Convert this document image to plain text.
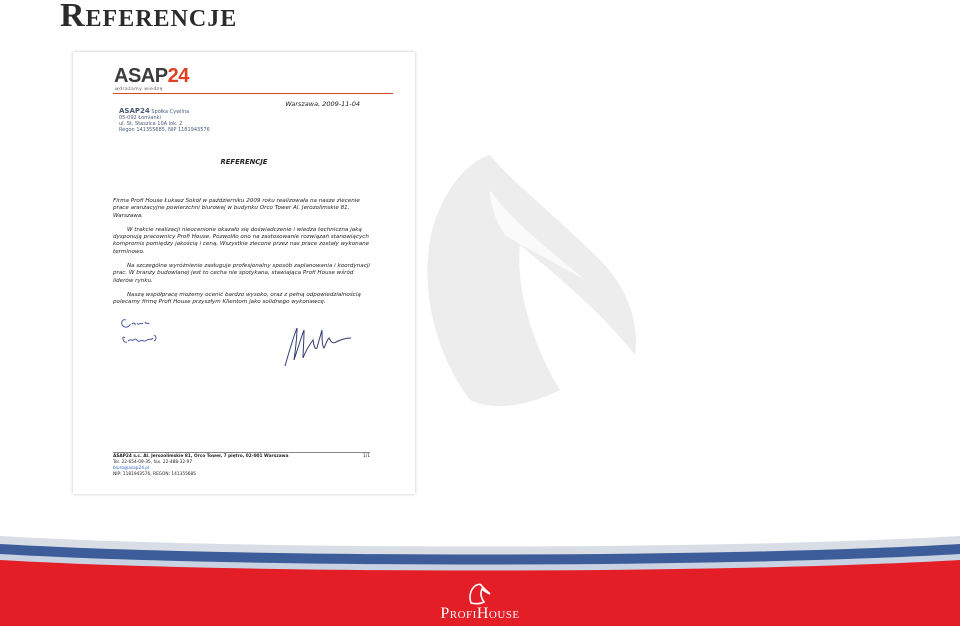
Referencje
ASAP24
wdrażamy wiedzę
ASAP24 Spółka Cywilna
05-092 Łomianki
ul. St. Staszica 10A lok. 2
Regon 141355685, NIP 1181943576
Warszawa, 2009-11-04
REFERENCJE

Firma Profi House Łukasz Sokół w październiku 2009 roku realizowała na nasze zlecenie prace aranżacyjne powierzchni biurowej w budynku Orco Tower Al. Jerozolimskie 81, Warszawa.

W trakcie realizacji nieocenione okazało się doświadczenie i wiedza techniczna jaką dysponują pracownicy Profi House. Pozwoliło ono na zastosowanie rozwiązań stanowiących kompromis pomiędzy jakością i ceną. Wszystkie zlecone przez nas prace zostały wykonane terminowo.

Na szczególne wyróżnienie zasługuje profesjonalny sposób zaplanowania i koordynacji prac. W branży budowlanej jest to cecha nie spotykana, stawiająca Profi House wśród liderów rynku.

Naszą współpracę możemy ocenić bardzo wysoko, oraz z pełną odpowiedzialnością polecamy firmę Profi House przyszłym Klientom jako solidnego wykonawcę.

1/1
ASAP24 s.c. Al. Jerozolimskie 81, Orco Tower, 7 piętro, 02-001 Warszawa
Tel. 22-654-09-35, fax. 22-488-32-97
biuro@asap24.pl
NIP: 1181943576, REGON: 141355685
ProfiHouse
